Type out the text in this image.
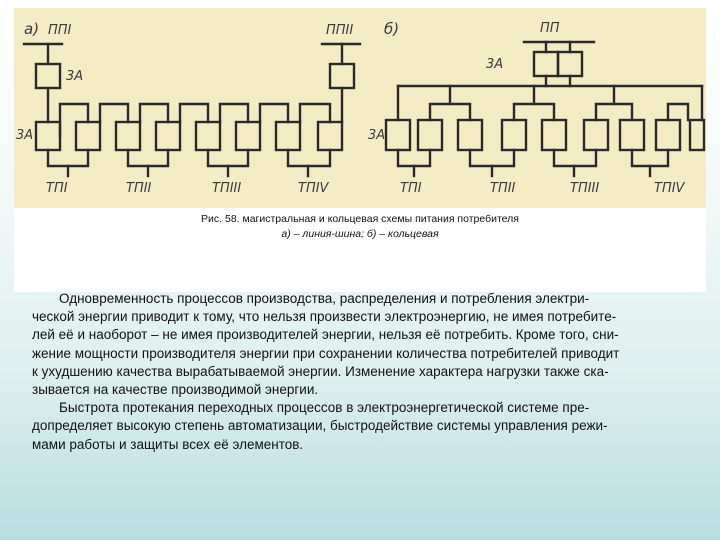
а) ППI	ППII
3А
3А
ТПI	ТПII	ТПIII	ТПIV
б)	ПП
3А
3А
ТПI	ТПII	ТПIII	ТПIV
Рис. 58. магистральная и кольцевая схемы питания потребителя
а) – линия-шина; б) – кольцевая
Одновременность процессов производства, распределения и потребления электри-
ческой энергии приводит к тому, что нельзя произвести электроэнергию, не имея потребите-
лей её и наоборот – не имея производителей энергии, нельзя её потребить. Кроме того, сни-
жение мощности производителя энергии при сохранении количества потребителей приводит
к ухудшению качества вырабатываемой энергии. Изменение характера нагрузки также ска-
зывается на качестве производимой энергии.
Быстрота протекания переходных процессов в электроэнергетической системе пре-
допределяет высокую степень автоматизации, быстродействие системы управления режи-
мами работы и защиты всех её элементов.
